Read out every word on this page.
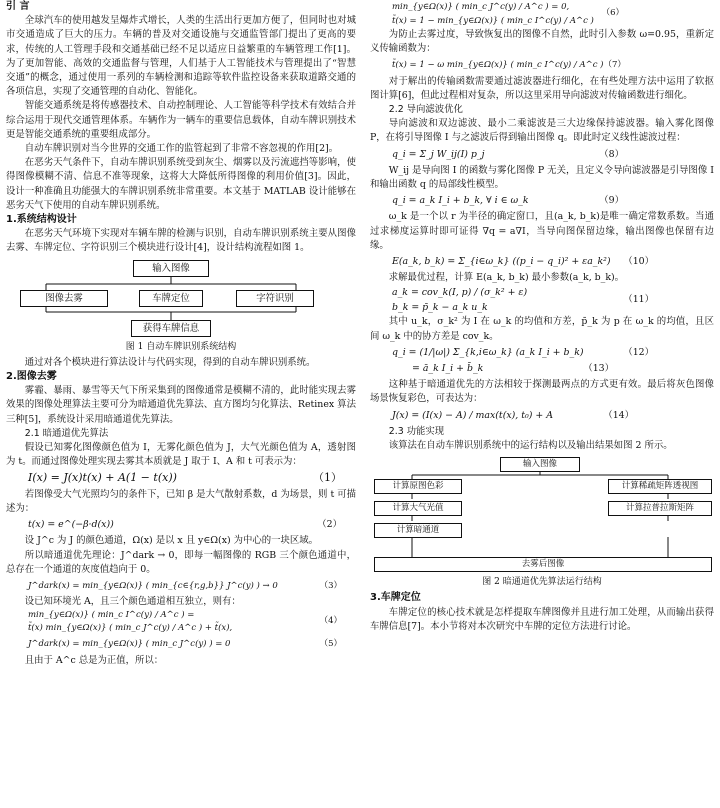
引 言

全球汽车的使用越发呈爆炸式增长，人类的生活出行更加方便了，但同时也对城市交通造成了巨大的压力。车辆的普及对交通设施与交通监管部门提出了更高的要求，传统的人工管理手段和交通基础已经不足以适应日益繁重的车辆管理工作[1]。为了更加智能、高效的交通监督与管理，人们基于人工智能技术与管理提出了“智慧交通”的概念，通过使用一系列的车辆检测和追踪等软件监控设备来获取道路交通的各项信息，实现了交通管理的自动化、智能化。

智能交通系统是将传感器技术、自动控制理论、人工智能等科学技术有效结合并综合运用于现代交通管理体系。车辆作为一辆车的重要信息载体，自动车牌识别技术更是智能交通系统的重要组成部分。

自动车牌识别对当今世界的交通工作的监管起到了非常不容忽视的作用[2]。

在恶劣天气条件下，自动车牌识别系统受到灰尘、烟雾以及污流遮挡等影响，使得图像模糊不清、信息不准等现象，这将大大降低所得图像的利用价值[3]。因此，设计一种准确且功能强大的车牌识别系统非常重要。本文基于 MATLAB 设计能够在恶劣天气下使用的自动车牌识别系统。

1.系统结构设计

在恶劣天气环境下实现对车辆车牌的检测与识别，自动车牌识别系统主要从图像去雾、车牌定位、字符识别三个模块进行设计[4]，设计结构流程如图 1。

输入图像
图像去雾	车牌定位	字符识别
获得车牌信息

图 1 自动车牌识别系统结构

通过对各个模块进行算法设计与代码实现，得到的自动车牌识别系统。

2.图像去雾

雾霾、暴雨、暴雪等天气下所采集到的图像通常是模糊不清的，此时能实现去雾效果的图像处理算法主要可分为暗通道优先算法、直方图均匀化算法、Retinex 算法三种[5]，系统设计采用暗通道优先算法。

2.1 暗通道优先算法

假设已知雾化图像颜色值为 I，无雾化颜色值为 J，大气光颜色值为 A，透射图为 t。而通过图像处理实现去雾其本质就是 J 取于 I、A 和 t 可表示为：

I(x) = J(x)t(x) + A(1 − t(x))	（1）

若图像受大气光照均匀的条件下，已知 β 是大气散射系数，d 为场景，则 t 可描述为：

t(x) = e^(−β·d(x))	（2）

设 J^c 为 J 的颜色通道，Ω(x) 是以 x 且 y∈Ω(x) 为中心的一块区域。

所以暗通道优先理论：J^dark → 0，即每一幅图像的 RGB 三个颜色通道中，总存在一个通道的灰度值趋向于 0。

J^dark(x) = min_{y∈Ω(x)} ( min_{c∈{r,g,b}} J^c(y) ) → 0	（3）

设已知环境光 A，且三个颜色通道相互独立，则有：

min_{y∈Ω(x)} ( min_c I^c(y) / A^c ) =
t̃(x) min_{y∈Ω(x)} ( min_c J^c(y) / A^c ) + t̃(x),
（4）
J^dark(x) = min_{y∈Ω(x)} ( min_c J^c(y) ) = 0	（5）

且由于 A^c 总是为正值，所以：

min_{y∈Ω(x)} ( min_c J^c(y) / A^c ) = 0,
t̃(x) = 1 − min_{y∈Ω(x)} ( min_c I^c(y) / A^c )
（6）

为防止去雾过度，导致恢复出的图像不自然，此时引入参数 ω=0.95，重新定义传输函数为：

t̃(x) = 1 − ω min_{y∈Ω(x)} ( min_c I^c(y) / A^c ) （7）

对于解出的传输函数需要通过滤波器进行细化，在有些处理方法中运用了软抠图计算[6]，但此过程相对复杂，所以这里采用导向滤波对传输函数进行细化。

2.2 导向滤波优化

导向滤波和双边滤波、最小二乘滤波是三大边缘保持滤波器。输入雾化图像 P，在将引导图像 I 与之滤波后得到输出图像 q。即此时定义线性滤波过程：

q_i = Σ_j W_ij(I) p_j	（8）

W_ij 是导向图 I 的函数与雾化图像 P 无关，且定义令导向滤波器是引导图像 I 和输出函数 q 的局部线性模型。

q_i = a_k I_i + b_k, ∀ i ∈ ω_k	（9）

ω_k 是一个以 r 为半径的确定窗口，且(a_k, b_k)是唯一确定常数系数。当通过求梯度运算时即可证得 ∇q = a∇I，当导向图保留边缘，输出图像也保留有边缘。

E(a_k, b_k) = Σ_{i∈ω_k} ((p_i − q_i)² + εa_k²) （10）

求解最优过程，计算 E(a_k, b_k) 最小参数(a_k, b_k)。

a_k = cov_k(I, p) / (σ_k² + ε)
b_k = p̄_k − a_k u_k
（11）

其中 u_k，σ_k² 为 I 在 ω_k 的均值和方差，p̄_k 为 p 在 ω_k 的均值，且区间 ω_k 中的协方差是 cov_k。

q_i = (1/|ω|) Σ_{k,i∈ω_k} (a_k I_i + b_k)	（12）
= ā_k I_i + b̄_k	（13）

这种基于暗通道优先的方法相较于探测最两点的方式更有效。最后将灰色图像场景恢复彩色，可表达为：

J(x) = (I(x) − A) / max(t(x), t₀) + A	（14）

2.3 功能实现

该算法在自动车牌识别系统中的运行结构以及输出结果如图 2 所示。

输入图像
计算原图色彩	计算稀疏矩阵透视图
计算大气光值	计算拉普拉斯矩阵
计算暗通道
去雾后图像

图 2 暗通道优先算法运行结构

3.车牌定位

车牌定位的核心技术就是怎样提取车牌图像并且进行加工处理，从而输出获得车牌信息[7]。本小节将对本次研究中车牌的定位方法进行讨论。
